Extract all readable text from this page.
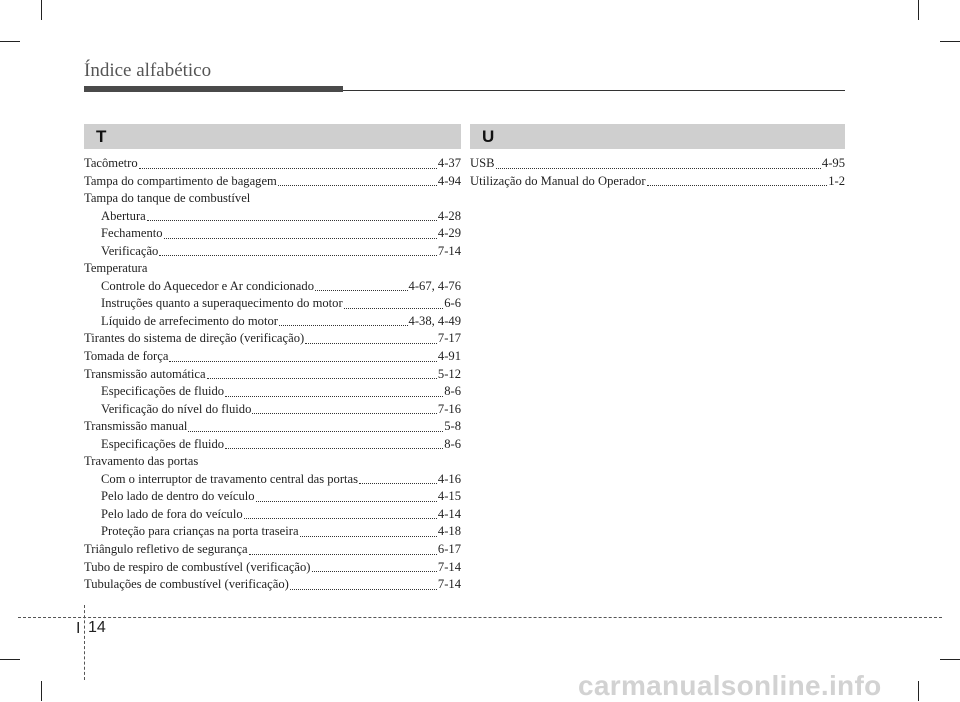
Índice alfabético
T
Tacômetro	4-37
Tampa do compartimento de bagagem	4-94
Tampa do tanque de combustível
Abertura	4-28
Fechamento	4-29
Verificação	7-14
Temperatura
Controle do Aquecedor e Ar condicionado	4-67, 4-76
Instruções quanto a superaquecimento do motor	6-6
Líquido de arrefecimento do motor	4-38, 4-49
Tirantes do sistema de direção (verificação)	7-17
Tomada de força	4-91
Transmissão automática	5-12
Especificações de fluido	8-6
Verificação do nível do fluido	7-16
Transmissão manual	5-8
Especificações de fluido	8-6
Travamento das portas
Com o interruptor de travamento central das portas	4-16
Pelo lado de dentro do veículo	4-15
Pelo lado de fora do veículo	4-14
Proteção para crianças na porta traseira	4-18
Triângulo refletivo de segurança	6-17
Tubo de respiro de combustível (verificação)	7-14
Tubulações de combustível (verificação)	7-14
U
USB	4-95
Utilização do Manual do Operador	1-2
I 14
carmanualsonline.info
